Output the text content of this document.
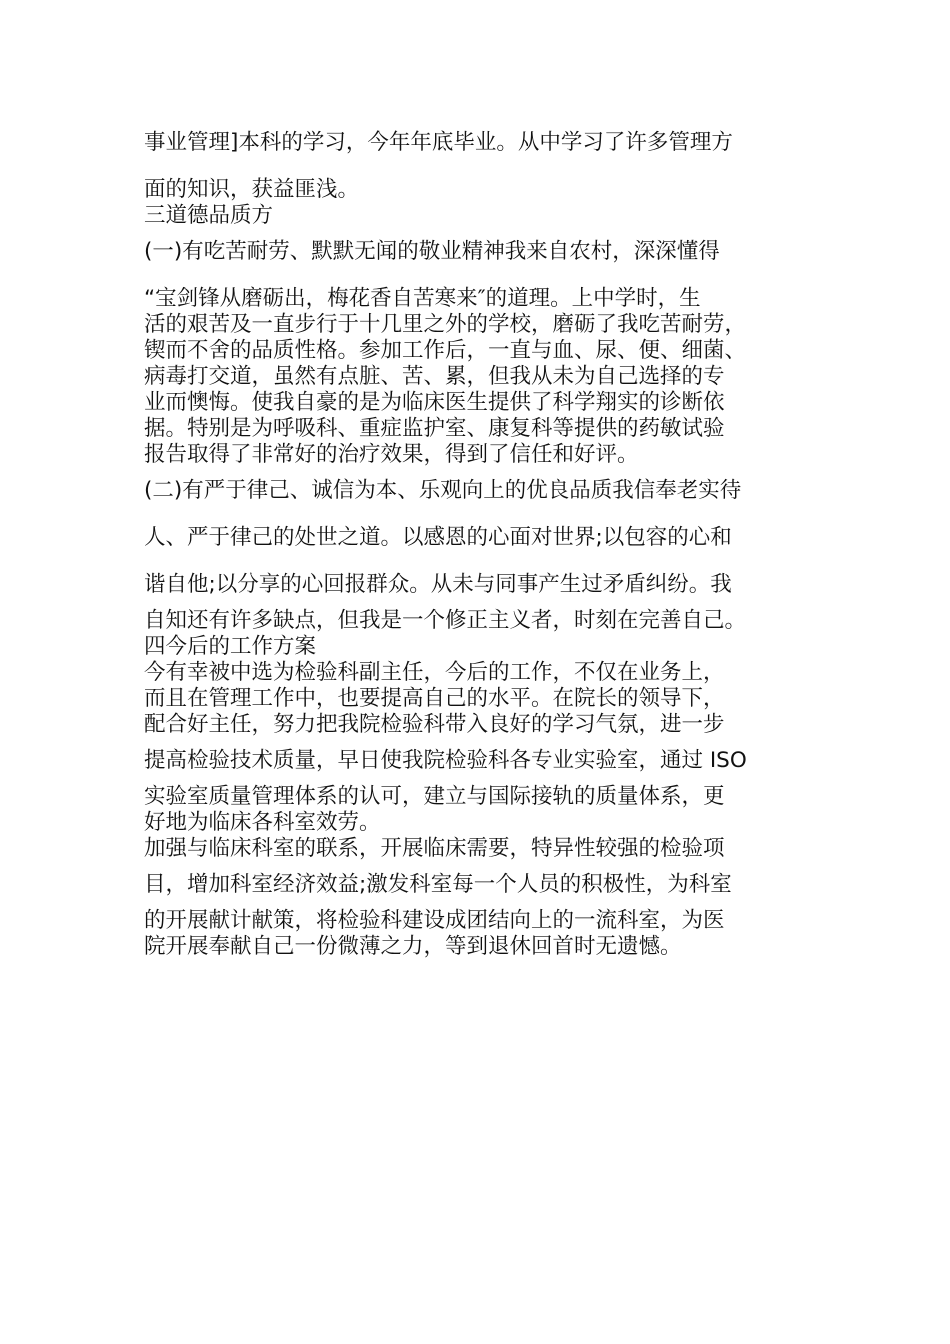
事业管理]本科的学习，今年年底毕业。从中学习了许多管理方
面的知识，获益匪浅。
三道德品质方
(一)有吃苦耐劳、默默无闻的敬业精神我来自农村，深深懂得
“宝剑锋从磨砺出，梅花香自苦寒来″的道理。上中学时，生
活的艰苦及一直步行于十几里之外的学校，磨砺了我吃苦耐劳，
锲而不舍的品质性格。参加工作后，一直与血、尿、便、细菌、
病毒打交道，虽然有点脏、苦、累，但我从未为自己选择的专
业而懊悔。使我自豪的是为临床医生提供了科学翔实的诊断依
据。特别是为呼吸科、重症监护室、康复科等提供的药敏试验
报告取得了非常好的治疗效果，得到了信任和好评。
(二)有严于律己、诚信为本、乐观向上的优良品质我信奉老实待
人、严于律己的处世之道。以感恩的心面对世界;以包容的心和
谐自他;以分享的心回报群众。从未与同事产生过矛盾纠纷。我
自知还有许多缺点，但我是一个修正主义者，时刻在完善自己。
四今后的工作方案
今有幸被中选为检验科副主任，今后的工作，不仅在业务上，
而且在管理工作中，也要提高自己的水平。在院长的领导下，
配合好主任，努力把我院检验科带入良好的学习气氛，进一步
提高检验技术质量，早日使我院检验科各专业实验室，通过 ISO
实验室质量管理体系的认可，建立与国际接轨的质量体系，更
好地为临床各科室效劳。
加强与临床科室的联系，开展临床需要，特异性较强的检验项
目，增加科室经济效益;激发科室每一个人员的积极性，为科室
的开展献计献策，将检验科建设成团结向上的一流科室，为医
院开展奉献自己一份微薄之力，等到退休回首时无遗憾。
